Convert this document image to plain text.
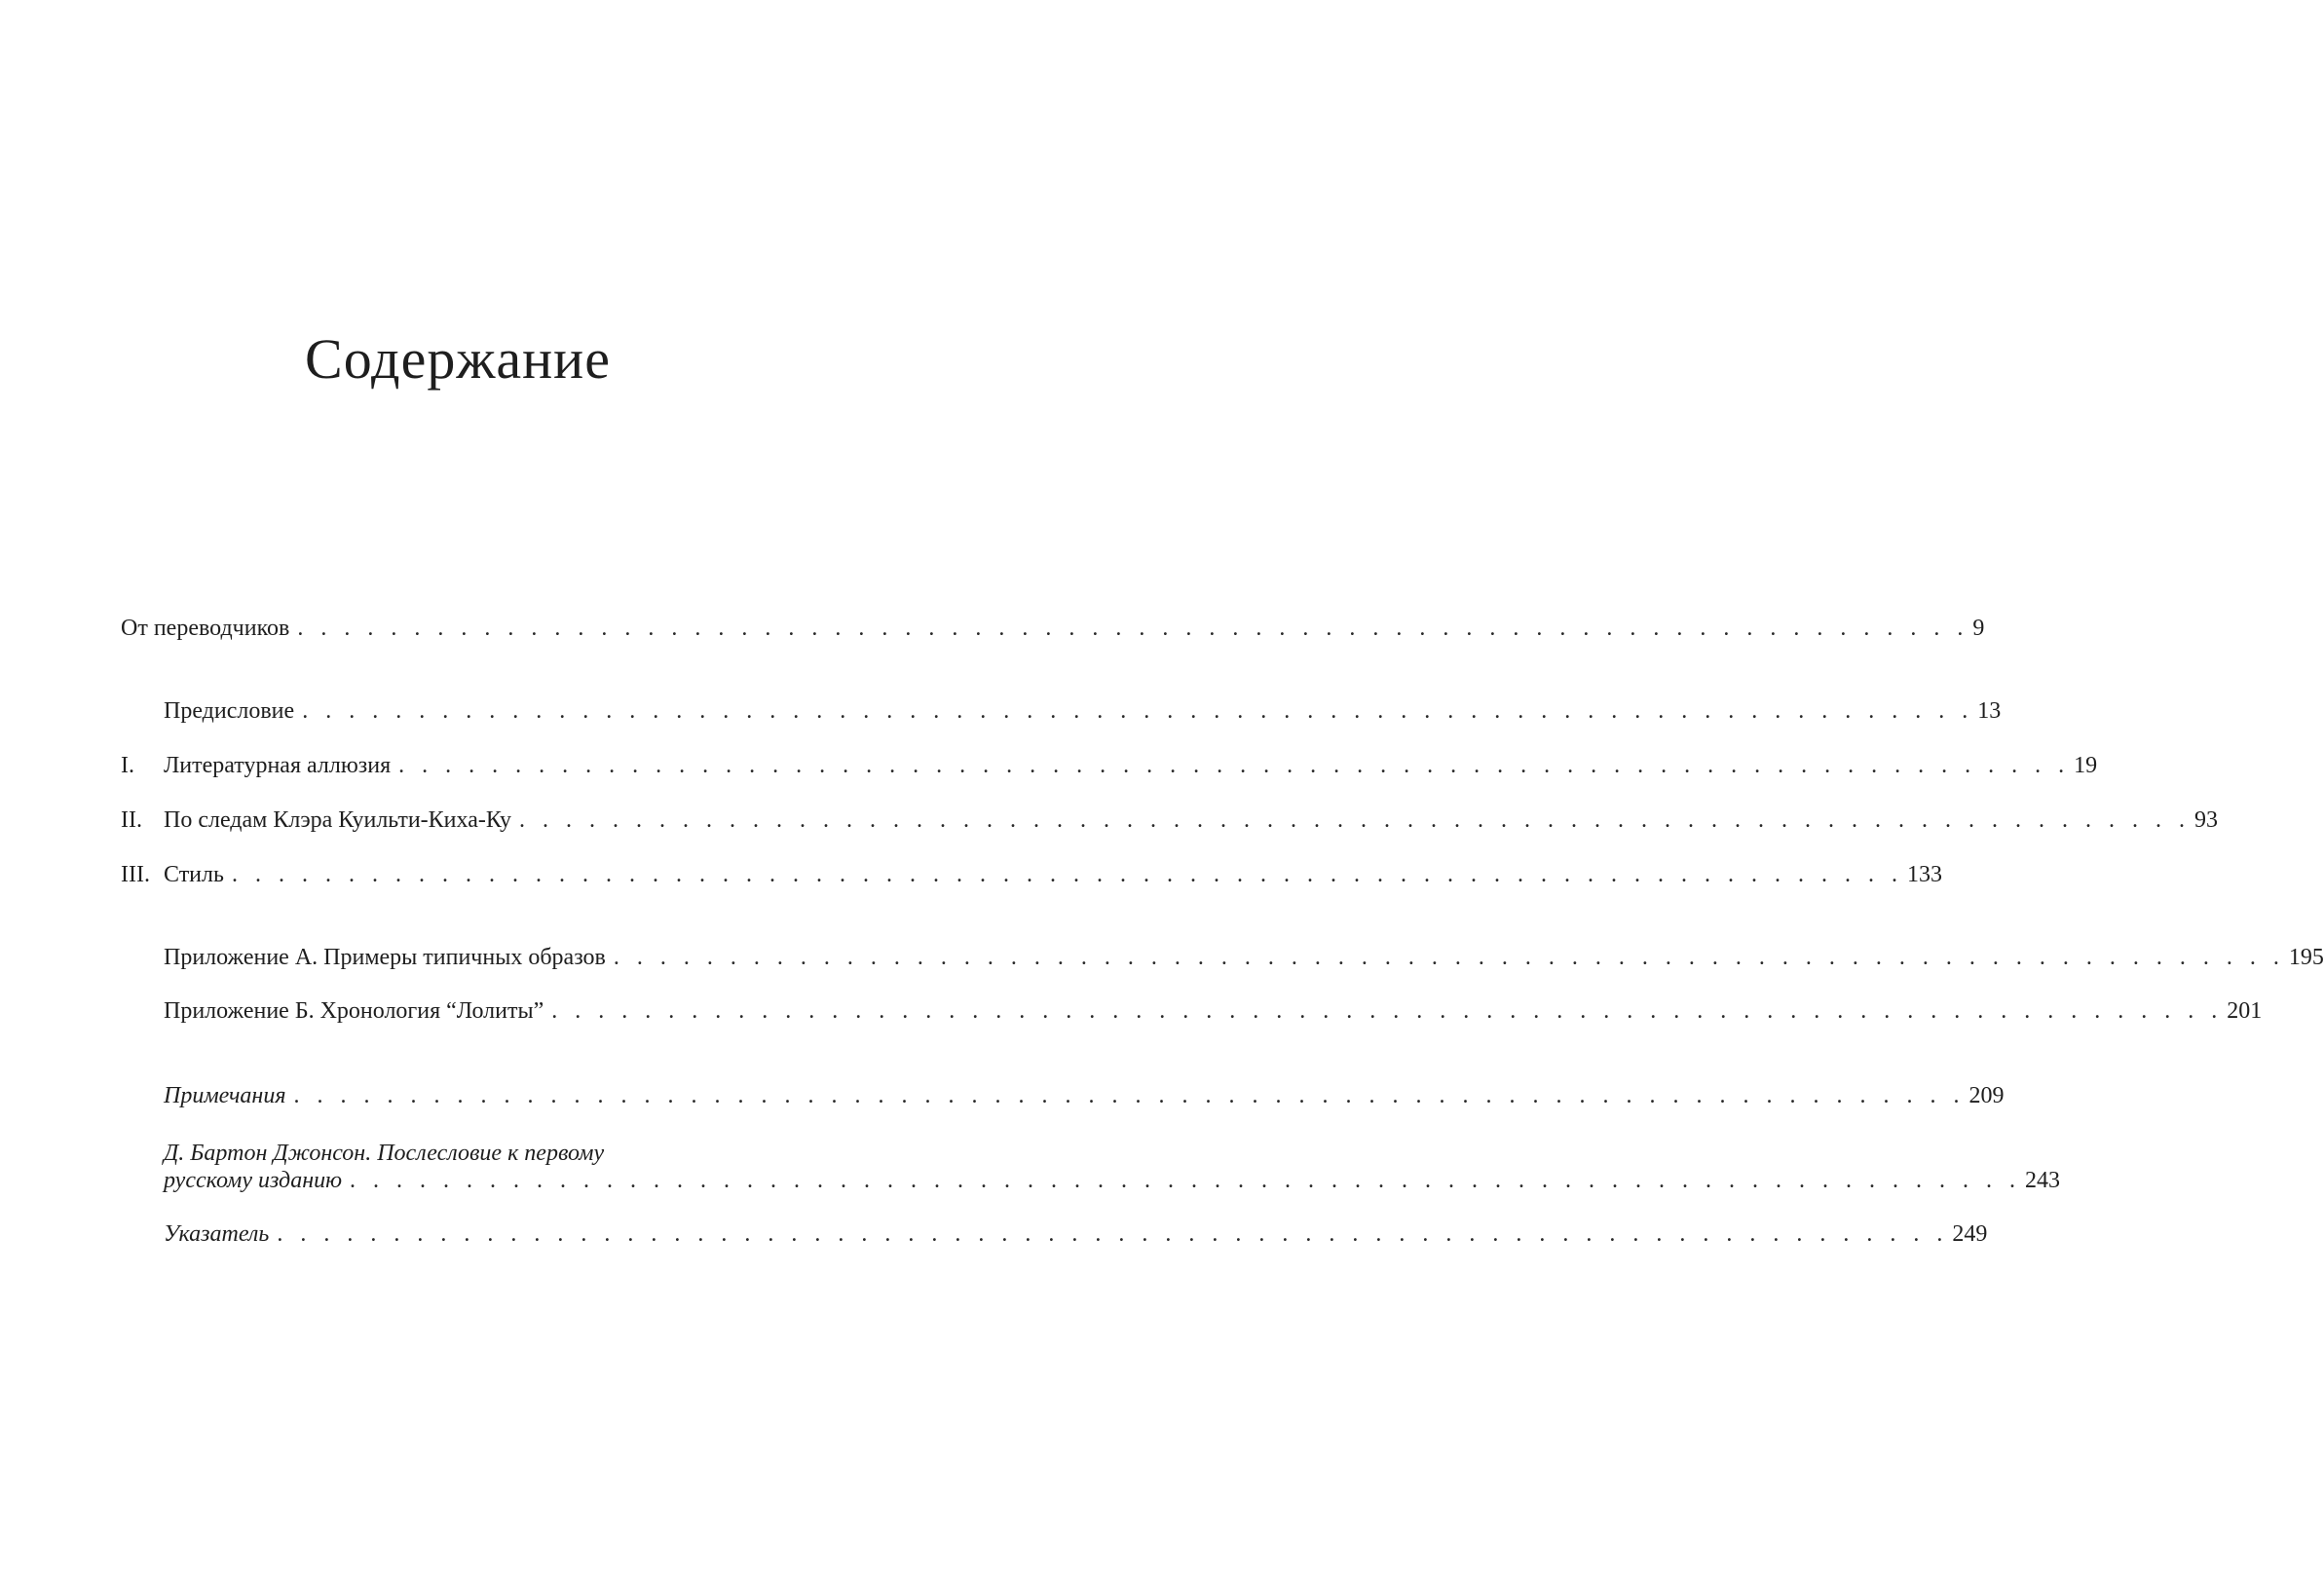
Содержание
От переводчиков . . . . . . . . . . . . . . . . . . . . . . . . . . . . . . . . . . . . . . . . . . . . . . . . . . . . . . . . . . . . . . . . . . . . . . . . 9
Предисловие . . . . . . . . . . . . . . . . . . . . . . . . . . . . . . . . . . . . . . . . . . . . . . . . . . . . . . . . . . . . . . . . . . . . . . . . 13
I. Литературная аллюзия . . . . . . . . . . . . . . . . . . . . . . . . . . . . . . . . . . . . . . . . . . . . . . . . . . . . . . . . . . . . . . . . . . . . . . . . 19
II. По следам Клэра Куильти-Киха-Ку . . . . . . . . . . . . . . . . . . . . . . . . . . . . . . . . . . . . . . . . . . . . . . . . . . . . . . . . . . . . . . . . . . . . . . . . 93
III. Стиль . . . . . . . . . . . . . . . . . . . . . . . . . . . . . . . . . . . . . . . . . . . . . . . . . . . . . . . . . . . . . . . . . . . . . . . . 133
Приложение А. Примеры типичных образов . . . . . . . . . . . . . . . . . . . . . . . . . . . . . . . . . . . . . . . . . . . . . . . . . . . . . . . . . . . . . . . . . . . . . . . . 195
Приложение Б. Хронология “Лолиты” . . . . . . . . . . . . . . . . . . . . . . . . . . . . . . . . . . . . . . . . . . . . . . . . . . . . . . . . . . . . . . . . . . . . . . . . 201
Примечания . . . . . . . . . . . . . . . . . . . . . . . . . . . . . . . . . . . . . . . . . . . . . . . . . . . . . . . . . . . . . . . . . . . . . . . . 209
Д. Бартон Джонсон. Послесловие к первому
русскому изданию . . . . . . . . . . . . . . . . . . . . . . . . . . . . . . . . . . . . . . . . . . . . . . . . . . . . . . . . . . . . . . . . . . . . . . . . 243
Указатель . . . . . . . . . . . . . . . . . . . . . . . . . . . . . . . . . . . . . . . . . . . . . . . . . . . . . . . . . . . . . . . . . . . . . . . . 249
